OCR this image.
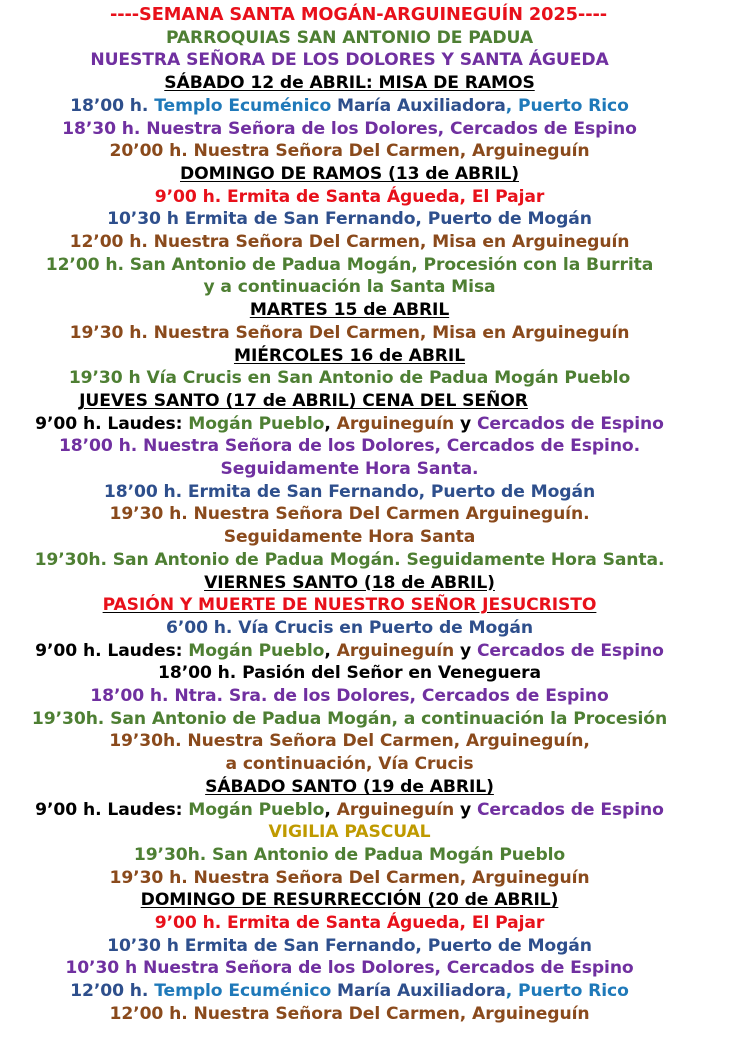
----SEMANA SANTA MOGÁN-ARGUINEGUÍN 2025----
PARROQUIAS SAN ANTONIO DE PADUA
NUESTRA SEÑORA DE LOS DOLORES Y SANTA ÁGUEDA
SÁBADO 12 de ABRIL: MISA DE RAMOS
18’00 h. Templo Ecuménico María Auxiliadora, Puerto Rico
18’30 h. Nuestra Señora de los Dolores, Cercados de Espino
20’00 h. Nuestra Señora Del Carmen, Arguineguín
DOMINGO DE RAMOS (13 de ABRIL)
9’00 h. Ermita de Santa Águeda, El Pajar
10’30 h Ermita de San Fernando, Puerto de Mogán
12’00 h. Nuestra Señora Del Carmen, Misa en Arguineguín
12’00 h. San Antonio de Padua Mogán, Procesión con la Burrita
y a continuación la Santa Misa
MARTES 15 de ABRIL
19’30 h. Nuestra Señora Del Carmen, Misa en Arguineguín
MIÉRCOLES 16 de ABRIL
19’30 h Vía Crucis en San Antonio de Padua Mogán Pueblo
JUEVES SANTO (17 de ABRIL) CENA DEL SEÑOR
9’00 h. Laudes: Mogán Pueblo, Arguineguín y Cercados de Espino
18’00 h. Nuestra Señora de los Dolores, Cercados de Espino.
Seguidamente Hora Santa.
18’00 h. Ermita de San Fernando, Puerto de Mogán
19’30 h. Nuestra Señora Del Carmen Arguineguín.
Seguidamente Hora Santa
19’30h. San Antonio de Padua Mogán. Seguidamente Hora Santa.
VIERNES SANTO (18 de ABRIL)
PASIÓN Y MUERTE DE NUESTRO SEÑOR JESUCRISTO
6’00 h. Vía Crucis en Puerto de Mogán
9’00 h. Laudes: Mogán Pueblo, Arguineguín y Cercados de Espino
18’00 h. Pasión del Señor en Veneguera
18’00 h. Ntra. Sra. de los Dolores, Cercados de Espino
19’30h. San Antonio de Padua Mogán, a continuación la Procesión
19’30h. Nuestra Señora Del Carmen, Arguineguín,
a continuación, Vía Crucis
SÁBADO SANTO (19 de ABRIL)
9’00 h. Laudes: Mogán Pueblo, Arguineguín y Cercados de Espino
VIGILIA PASCUAL
19’30h. San Antonio de Padua Mogán Pueblo
19’30 h. Nuestra Señora Del Carmen, Arguineguín
DOMINGO DE RESURRECCIÓN (20 de ABRIL)
9’00 h. Ermita de Santa Águeda, El Pajar
10’30 h Ermita de San Fernando, Puerto de Mogán
10’30 h Nuestra Señora de los Dolores, Cercados de Espino
12’00 h. Templo Ecuménico María Auxiliadora, Puerto Rico
12’00 h. Nuestra Señora Del Carmen, Arguineguín
